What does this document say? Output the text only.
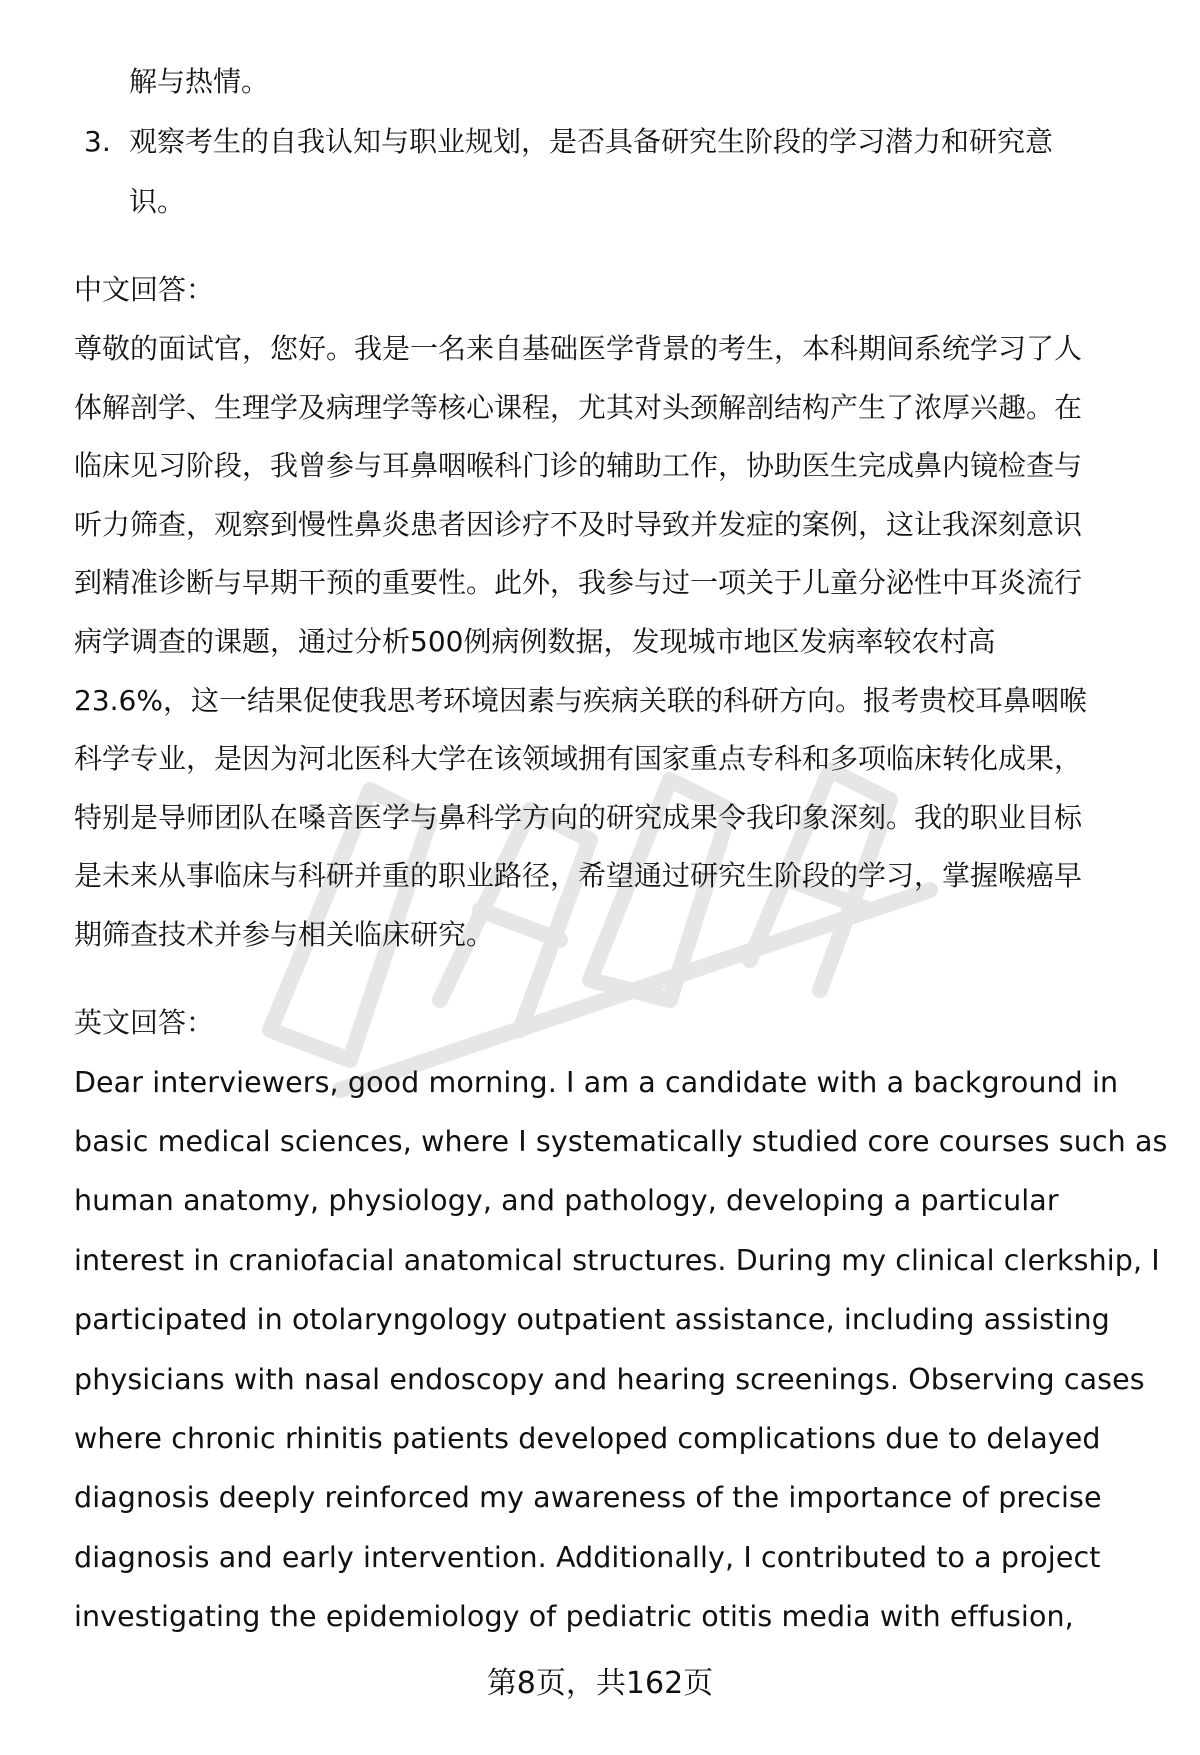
解与热情。

3. 观察考生的自我认知与职业规划，是否具备研究生阶段的学习潜力和研究意
识。

中文回答：

尊敬的面试官，您好。我是一名来自基础医学背景的考生，本科期间系统学习了人
体解剖学、生理学及病理学等核心课程，尤其对头颈解剖结构产生了浓厚兴趣。在
临床见习阶段，我曾参与耳鼻咽喉科门诊的辅助工作，协助医生完成鼻内镜检查与
听力筛查，观察到慢性鼻炎患者因诊疗不及时导致并发症的案例，这让我深刻意识
到精准诊断与早期干预的重要性。此外，我参与过一项关于儿童分泌性中耳炎流行
病学调查的课题，通过分析500例病例数据，发现城市地区发病率较农村高
23.6%，这一结果促使我思考环境因素与疾病关联的科研方向。报考贵校耳鼻咽喉
科学专业，是因为河北医科大学在该领域拥有国家重点专科和多项临床转化成果，
特别是导师团队在嗓音医学与鼻科学方向的研究成果令我印象深刻。我的职业目标
是未来从事临床与科研并重的职业路径，希望通过研究生阶段的学习，掌握喉癌早
期筛查技术并参与相关临床研究。

英文回答：

Dear interviewers, good morning. I am a candidate with a background in
basic medical sciences, where I systematically studied core courses such as
human anatomy, physiology, and pathology, developing a particular
interest in craniofacial anatomical structures. During my clinical clerkship, I
participated in otolaryngology outpatient assistance, including assisting
physicians with nasal endoscopy and hearing screenings. Observing cases
where chronic rhinitis patients developed complications due to delayed
diagnosis deeply reinforced my awareness of the importance of precise
diagnosis and early intervention. Additionally, I contributed to a project
investigating the epidemiology of pediatric otitis media with effusion,
第8页，共162页
